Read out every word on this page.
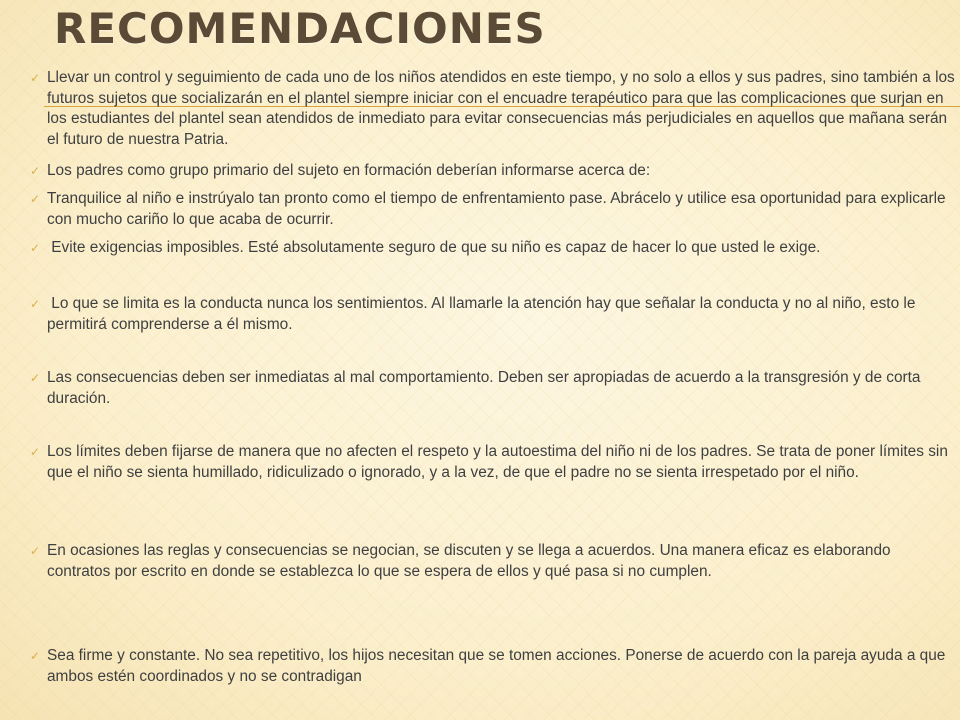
RECOMENDACIONES
✓ Llevar un control y seguimiento de cada uno de los niños atendidos en este tiempo, y no solo a ellos y sus padres, sino también a los futuros sujetos que socializarán en el plantel siempre iniciar con el encuadre terapéutico para que las complicaciones que surjan en los estudiantes del plantel sean atendidos de inmediato para evitar consecuencias más perjudiciales en aquellos que mañana serán el futuro de nuestra Patria.
✓ Los padres como grupo primario del sujeto en formación deberían informarse acerca de:
✓ Tranquilice al niño e instrúyalo tan pronto como el tiempo de enfrentamiento pase. Abrácelo y utilice esa oportunidad para explicarle con mucho cariño lo que acaba de ocurrir.
✓ Evite exigencias imposibles. Esté absolutamente seguro de que su niño es capaz de hacer lo que usted le exige.
✓ Lo que se limita es la conducta nunca los sentimientos. Al llamarle la atención hay que señalar la conducta y no al niño, esto le permitirá comprenderse a él mismo.
✓ Las consecuencias deben ser inmediatas al mal comportamiento. Deben ser apropiadas de acuerdo a la transgresión y de corta duración.
✓ Los límites deben fijarse de manera que no afecten el respeto y la autoestima del niño ni de los padres. Se trata de poner límites sin que el niño se sienta humillado, ridiculizado o ignorado, y a la vez, de que el padre no se sienta irrespetado por el niño.
✓ En ocasiones las reglas y consecuencias se negocian, se discuten y se llega a acuerdos. Una manera eficaz es elaborando contratos por escrito en donde se establezca lo que se espera de ellos y qué pasa si no cumplen.
✓ Sea firme y constante. No sea repetitivo, los hijos necesitan que se tomen acciones. Ponerse de acuerdo con la pareja ayuda a que ambos estén coordinados y no se contradigan
